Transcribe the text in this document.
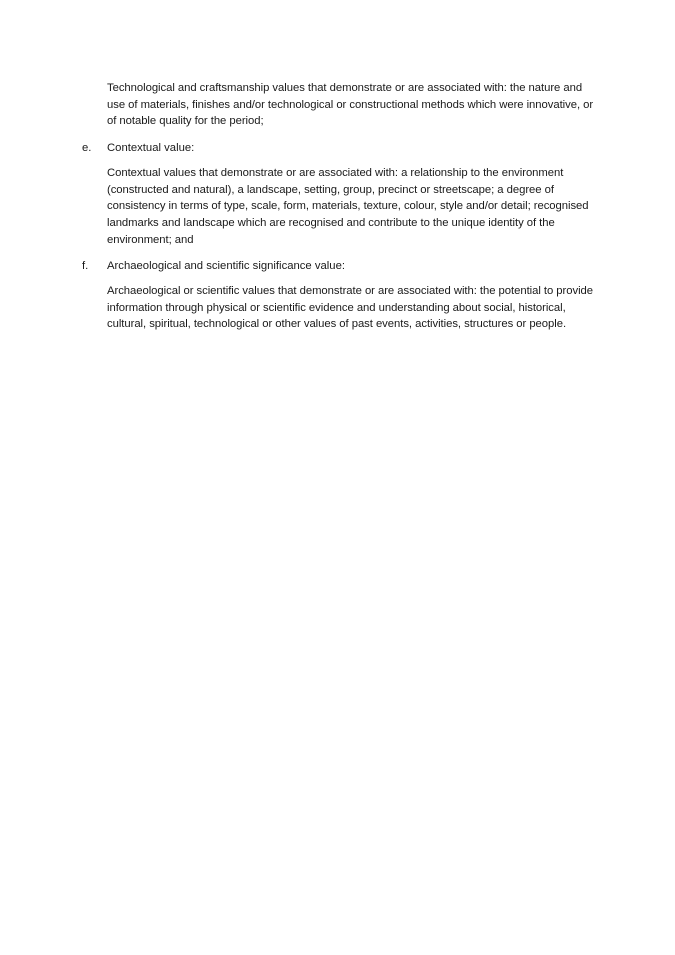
Technological and craftsmanship values that demonstrate or are associated with: the nature and use of materials, finishes and/or technological or constructional methods which were innovative, or of notable quality for the period;

e. Contextual value:

Contextual values that demonstrate or are associated with: a relationship to the environment (constructed and natural), a landscape, setting, group, precinct or streetscape; a degree of consistency in terms of type, scale, form, materials, texture, colour, style and/or detail; recognised landmarks and landscape which are recognised and contribute to the unique identity of the environment; and

f. Archaeological and scientific significance value:

Archaeological or scientific values that demonstrate or are associated with: the potential to provide information through physical or scientific evidence and understanding about social, historical, cultural, spiritual, technological or other values of past events, activities, structures or people.
